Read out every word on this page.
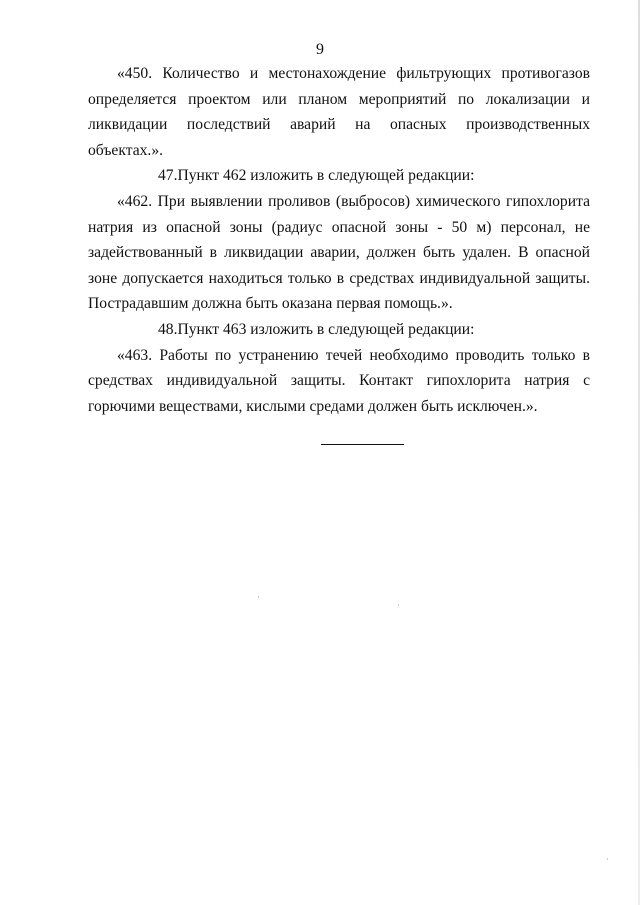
9

«450. Количество и местонахождение фильтрующих противогазов определяется проектом или планом мероприятий по локализации и ликвидации последствий аварий на опасных производственных объектах.».

47.Пункт 462 изложить в следующей редакции:

«462. При выявлении проливов (выбросов) химического гипохлорита натрия из опасной зоны (радиус опасной зоны - 50 м) персонал, не задействованный в ликвидации аварии, должен быть удален. В опасной зоне допускается находиться только в средствах индивидуальной защиты. Пострадавшим должна быть оказана первая помощь.».

48.Пункт 463 изложить в следующей редакции:

«463. Работы по устранению течей необходимо проводить только в средствах индивидуальной защиты. Контакт гипохлорита натрия с горючими веществами, кислыми средами должен быть исключен.».
